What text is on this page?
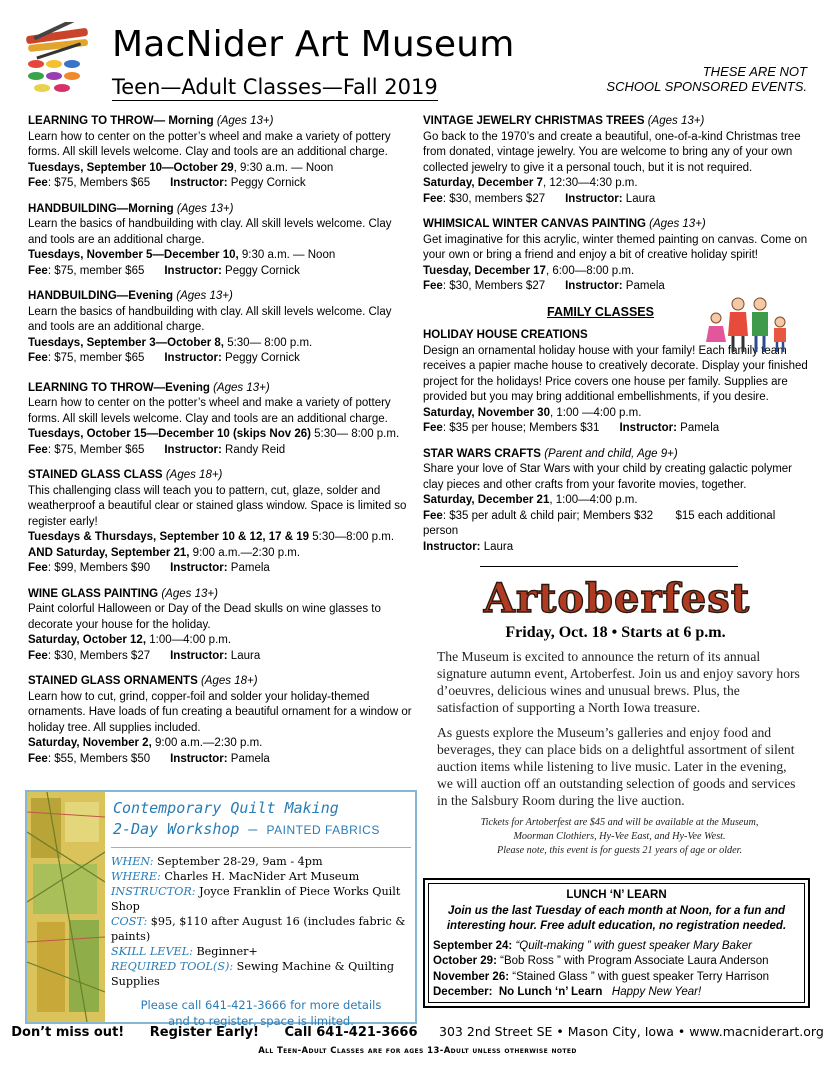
MacNider Art Museum
Teen—Adult Classes—Fall 2019
THESE ARE NOT
SCHOOL SPONSORED EVENTS.
LEARNING TO THROW— Morning (Ages 13+)

Learn how to center on the potter’s wheel and make a variety of pottery forms. All skill levels welcome. Clay and tools are an additional charge.

Tuesdays, September 10—October 29, 9:30 a.m. — Noon

Fee: $75, Members $65 Instructor: Peggy Cornick

HANDBUILDING—Morning (Ages 13+)

Learn the basics of handbuilding with clay. All skill levels welcome. Clay and tools are an additional charge.

Tuesdays, November 5—December 10, 9:30 a.m. — Noon

Fee: $75, member $65 Instructor: Peggy Cornick

HANDBUILDING—Evening (Ages 13+)

Learn the basics of handbuilding with clay. All skill levels welcome. Clay and tools are an additional charge.

Tuesdays, September 3—October 8, 5:30— 8:00 p.m.

Fee: $75, member $65 Instructor: Peggy Cornick

LEARNING TO THROW—Evening (Ages 13+)

Learn how to center on the potter’s wheel and make a variety of pottery forms. All skill levels welcome. Clay and tools are an additional charge.

Tuesdays, October 15—December 10 (skips Nov 26) 5:30— 8:00 p.m.

Fee: $75, Member $65 Instructor: Randy Reid

STAINED GLASS CLASS (Ages 18+)

This challenging class will teach you to pattern, cut, glaze, solder and weatherproof a beautiful clear or stained glass window. Space is limited so register early!

Tuesdays & Thursdays, September 10 & 12, 17 & 19 5:30—8:00 p.m.

AND Saturday, September 21, 9:00 a.m.—2:30 p.m.

Fee: $99, Members $90 Instructor: Pamela

WINE GLASS PAINTING (Ages 13+)

Paint colorful Halloween or Day of the Dead skulls on wine glasses to decorate your house for the holiday.

Saturday, October 12, 1:00—4:00 p.m.

Fee: $30, Members $27 Instructor: Laura

STAINED GLASS ORNAMENTS (Ages 18+)

Learn how to cut, grind, copper-foil and solder your holiday-themed ornaments. Have loads of fun creating a beautiful ornament for a window or holiday tree. All supplies included.

Saturday, November 2, 9:00 a.m.—2:30 p.m.

Fee: $55, Members $50 Instructor: Pamela

VINTAGE JEWELRY CHRISTMAS TREES (Ages 13+)

Go back to the 1970’s and create a beautiful, one-of-a-kind Christmas tree from donated, vintage jewelry. You are welcome to bring any of your own collected jewelry to give it a personal touch, but it is not required.

Saturday, December 7, 12:30—4:30 p.m.

Fee: $30, members $27 Instructor: Laura

WHIMSICAL WINTER CANVAS PAINTING (Ages 13+)

Get imaginative for this acrylic, winter themed painting on canvas. Come on your own or bring a friend and enjoy a bit of creative holiday spirit!

Tuesday, December 17, 6:00—8:00 p.m.

Fee: $30, Members $27 Instructor: Pamela

FAMILY CLASSES
HOLIDAY HOUSE CREATIONS

Design an ornamental holiday house with your family! Each family team receives a papier mache house to creatively decorate. Display your finished project for the holidays! Price covers one house per family. Supplies are provided but you may bring additional embellishments, if you desire.

Saturday, November 30, 1:00 —4:00 p.m.

Fee: $35 per house; Members $31 Instructor: Pamela

STAR WARS CRAFTS (Parent and child, Age 9+)

Share your love of Star Wars with your child by creating galactic polymer clay pieces and other crafts from your favorite movies, together.

Saturday, December 21, 1:00—4:00 p.m.

Fee: $35 per adult & child pair; Members $32       $15 each additional person

Instructor: Laura

Contemporary Quilt Making
2-Day Workshop – PAINTED FABRICS
WHEN: September 28-29, 9am - 4pm
WHERE: Charles H. MacNider Art Museum
INSTRUCTOR: Joyce Franklin of Piece Works Quilt Shop
COST: $95, $110 after August 16 (includes fabric & paints)
SKILL LEVEL: Beginner+
REQUIRED TOOL(S): Sewing Machine & Quilting Supplies
Please call 641-421-3666 for more details
and to register, space is limited.
Artoberfest
Friday, Oct. 18 • Starts at 6 p.m.

The Museum is excited to announce the return of its annual signature autumn event, Artoberfest. Join us and enjoy savory hors d’oeuvres, delicious wines and unusual brews. Plus, the satisfaction of supporting a North Iowa treasure.

As guests explore the Museum’s galleries and enjoy food and beverages, they can place bids on a delightful assortment of silent auction items while listening to live music. Later in the evening, we will auction off an outstanding selection of goods and services in the Salsbury Room during the live auction.

Tickets for Artoberfest are $45 and will be available at the Museum,
Moorman Clothiers, Hy-Vee East, and Hy-Vee West.
Please note, this event is for guests 21 years of age or older.
LUNCH ‘N’ LEARN
Join us the last Tuesday of each month at Noon, for a fun and interesting hour. Free adult education, no registration needed.

September 24: “Quilt-making ” with guest speaker Mary Baker

October 29: “Bob Ross ” with Program Associate Laura Anderson

November 26: “Stained Glass ” with guest speaker Terry Harrison

December:  No Lunch ‘n’ Learn   Happy New Year!

Don’t miss out! Register Early! Call 641-421-3666 303 2nd Street SE • Mason City, Iowa • www.macniderart.org
All Teen-Adult Classes are for ages 13-Adult unless otherwise noted
